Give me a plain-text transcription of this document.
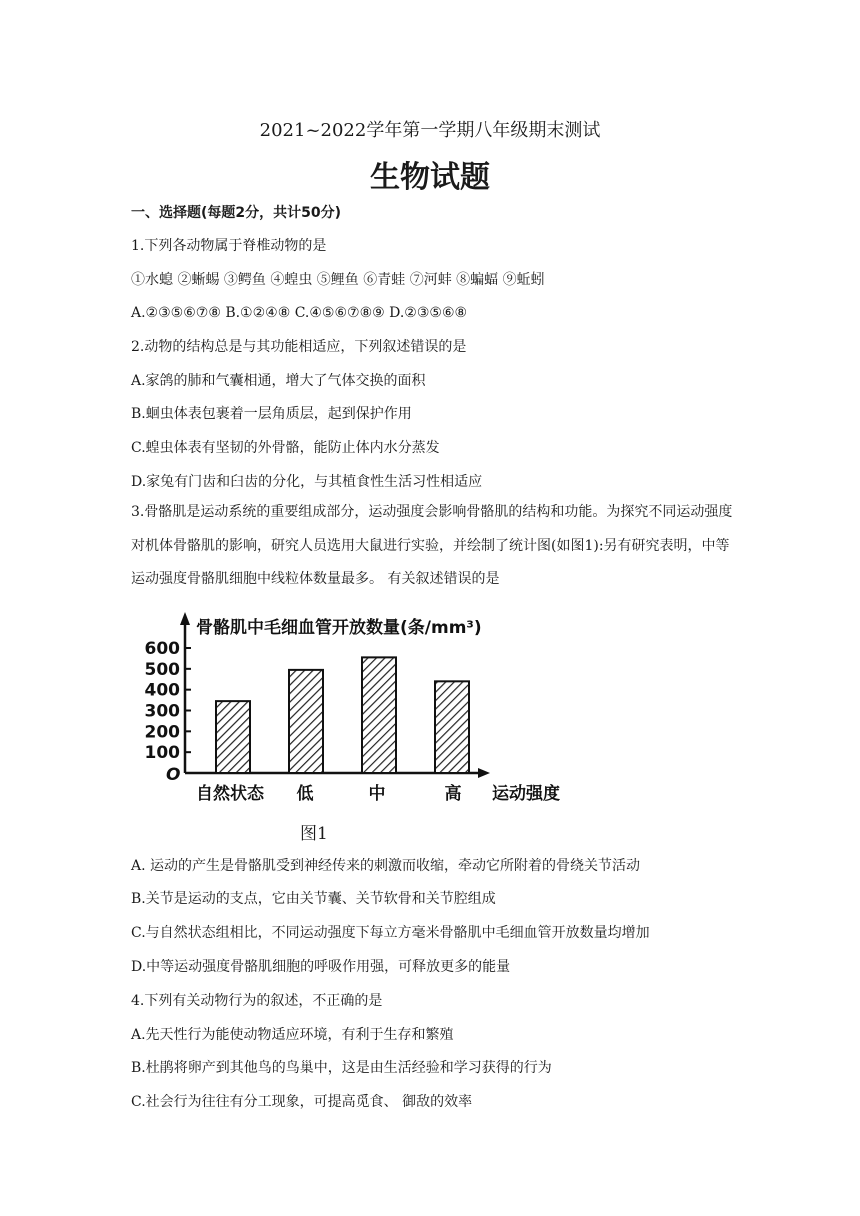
2021~2022学年第一学期八年级期末测试
生物试题
一、选择题(每题2分，共计50分)
1.下列各动物属于脊椎动物的是
①水螅 ②蜥蜴 ③鳄鱼 ④蝗虫 ⑤鲤鱼 ⑥青蛙 ⑦河蚌 ⑧蝙蝠 ⑨蚯蚓
A.②③⑤⑥⑦⑧ B.①②④⑧ C.④⑤⑥⑦⑧⑨ D.②③⑤⑥⑧
2.动物的结构总是与其功能相适应，下列叙述错误的是
A.家鸽的肺和气囊相通，增大了气体交换的面积
B.蛔虫体表包裹着一层角质层，起到保护作用
C.蝗虫体表有坚韧的外骨骼，能防止体内水分蒸发
D.家兔有门齿和臼齿的分化，与其植食性生活习性相适应
3.骨骼肌是运动系统的重要组成部分，运动强度会影响骨骼肌的结构和功能。为探究不同运动强度对机体骨骼肌的影响，研究人员选用大鼠进行实验，并绘制了统计图(如图1):另有研究表明，中等运动强度骨骼肌细胞中线粒体数量最多。 有关叙述错误的是
100
200
300
400
500
600
O
骨骼肌中毛细血管开放数量(条/mm³)
自然状态 低	中	高 运动强度
图1
A. 运动的产生是骨骼肌受到神经传来的刺激而收缩，牵动它所附着的骨绕关节活动
B.关节是运动的支点，它由关节囊、关节软骨和关节腔组成
C.与自然状态组相比，不同运动强度下每立方毫米骨骼肌中毛细血管开放数量均增加
D.中等运动强度骨骼肌细胞的呼吸作用强，可释放更多的能量
4.下列有关动物行为的叙述，不正确的是
A.先天性行为能使动物适应环境，有利于生存和繁殖
B.杜鹃将卵产到其他鸟的鸟巢中，这是由生活经验和学习获得的行为
C.社会行为往往有分工现象，可提高觅食、 御敌的效率
